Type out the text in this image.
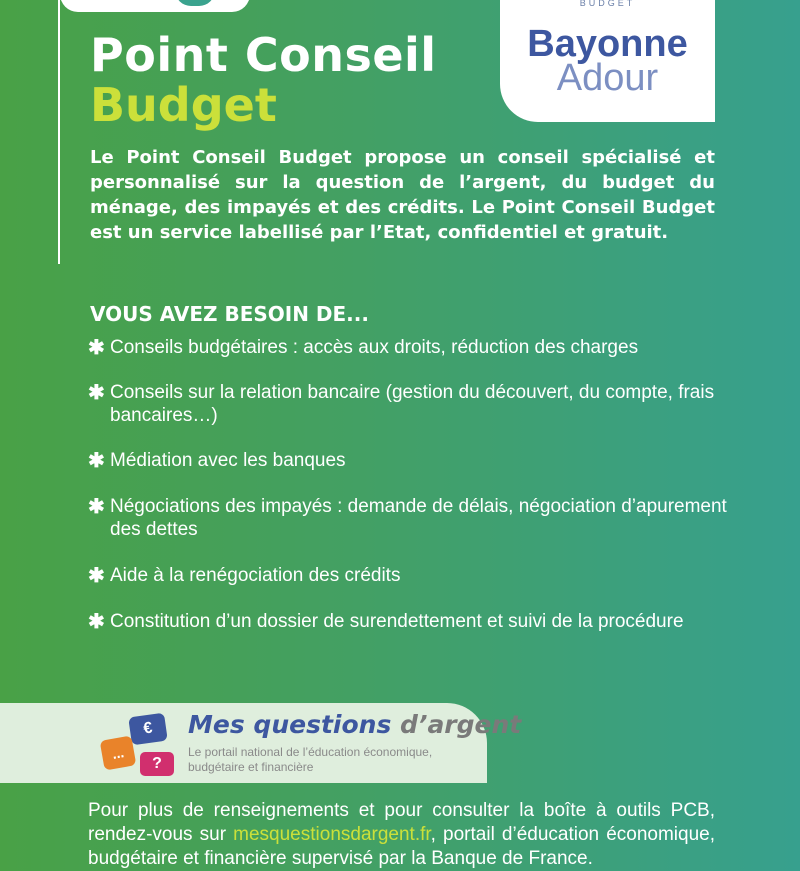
Point Conseil
Budget
BUDGET
Bayonne
Adour

Le Point Conseil Budget propose un conseil spécialisé et personnalisé sur la question de l’argent, du budget du ménage, des impayés et des crédits. Le Point Conseil Budget est un service labellisé par l’Etat, confidentiel et gratuit.

VOUS AVEZ BESOIN DE...
✱ Conseils budgétaires : accès aux droits, réduction des charges
✱ Conseils sur la relation bancaire (gestion du découvert, du compte, frais bancaires…)
✱ Médiation avec les banques
✱ Négociations des impayés : demande de délais, négociation d’apurement des dettes
✱ Aide à la renégociation des crédits
✱ Constitution d’un dossier de surendettement et suivi de la procédure
€
...
?

Mes questions d’argent

Le portail national de l’éducation économique, budgétaire et financière

Pour plus de renseignements et pour consulter la boîte à outils PCB, rendez-vous sur mesquestionsdargent.fr, portail d’éducation économique, budgétaire et financière supervisé par la Banque de France.
